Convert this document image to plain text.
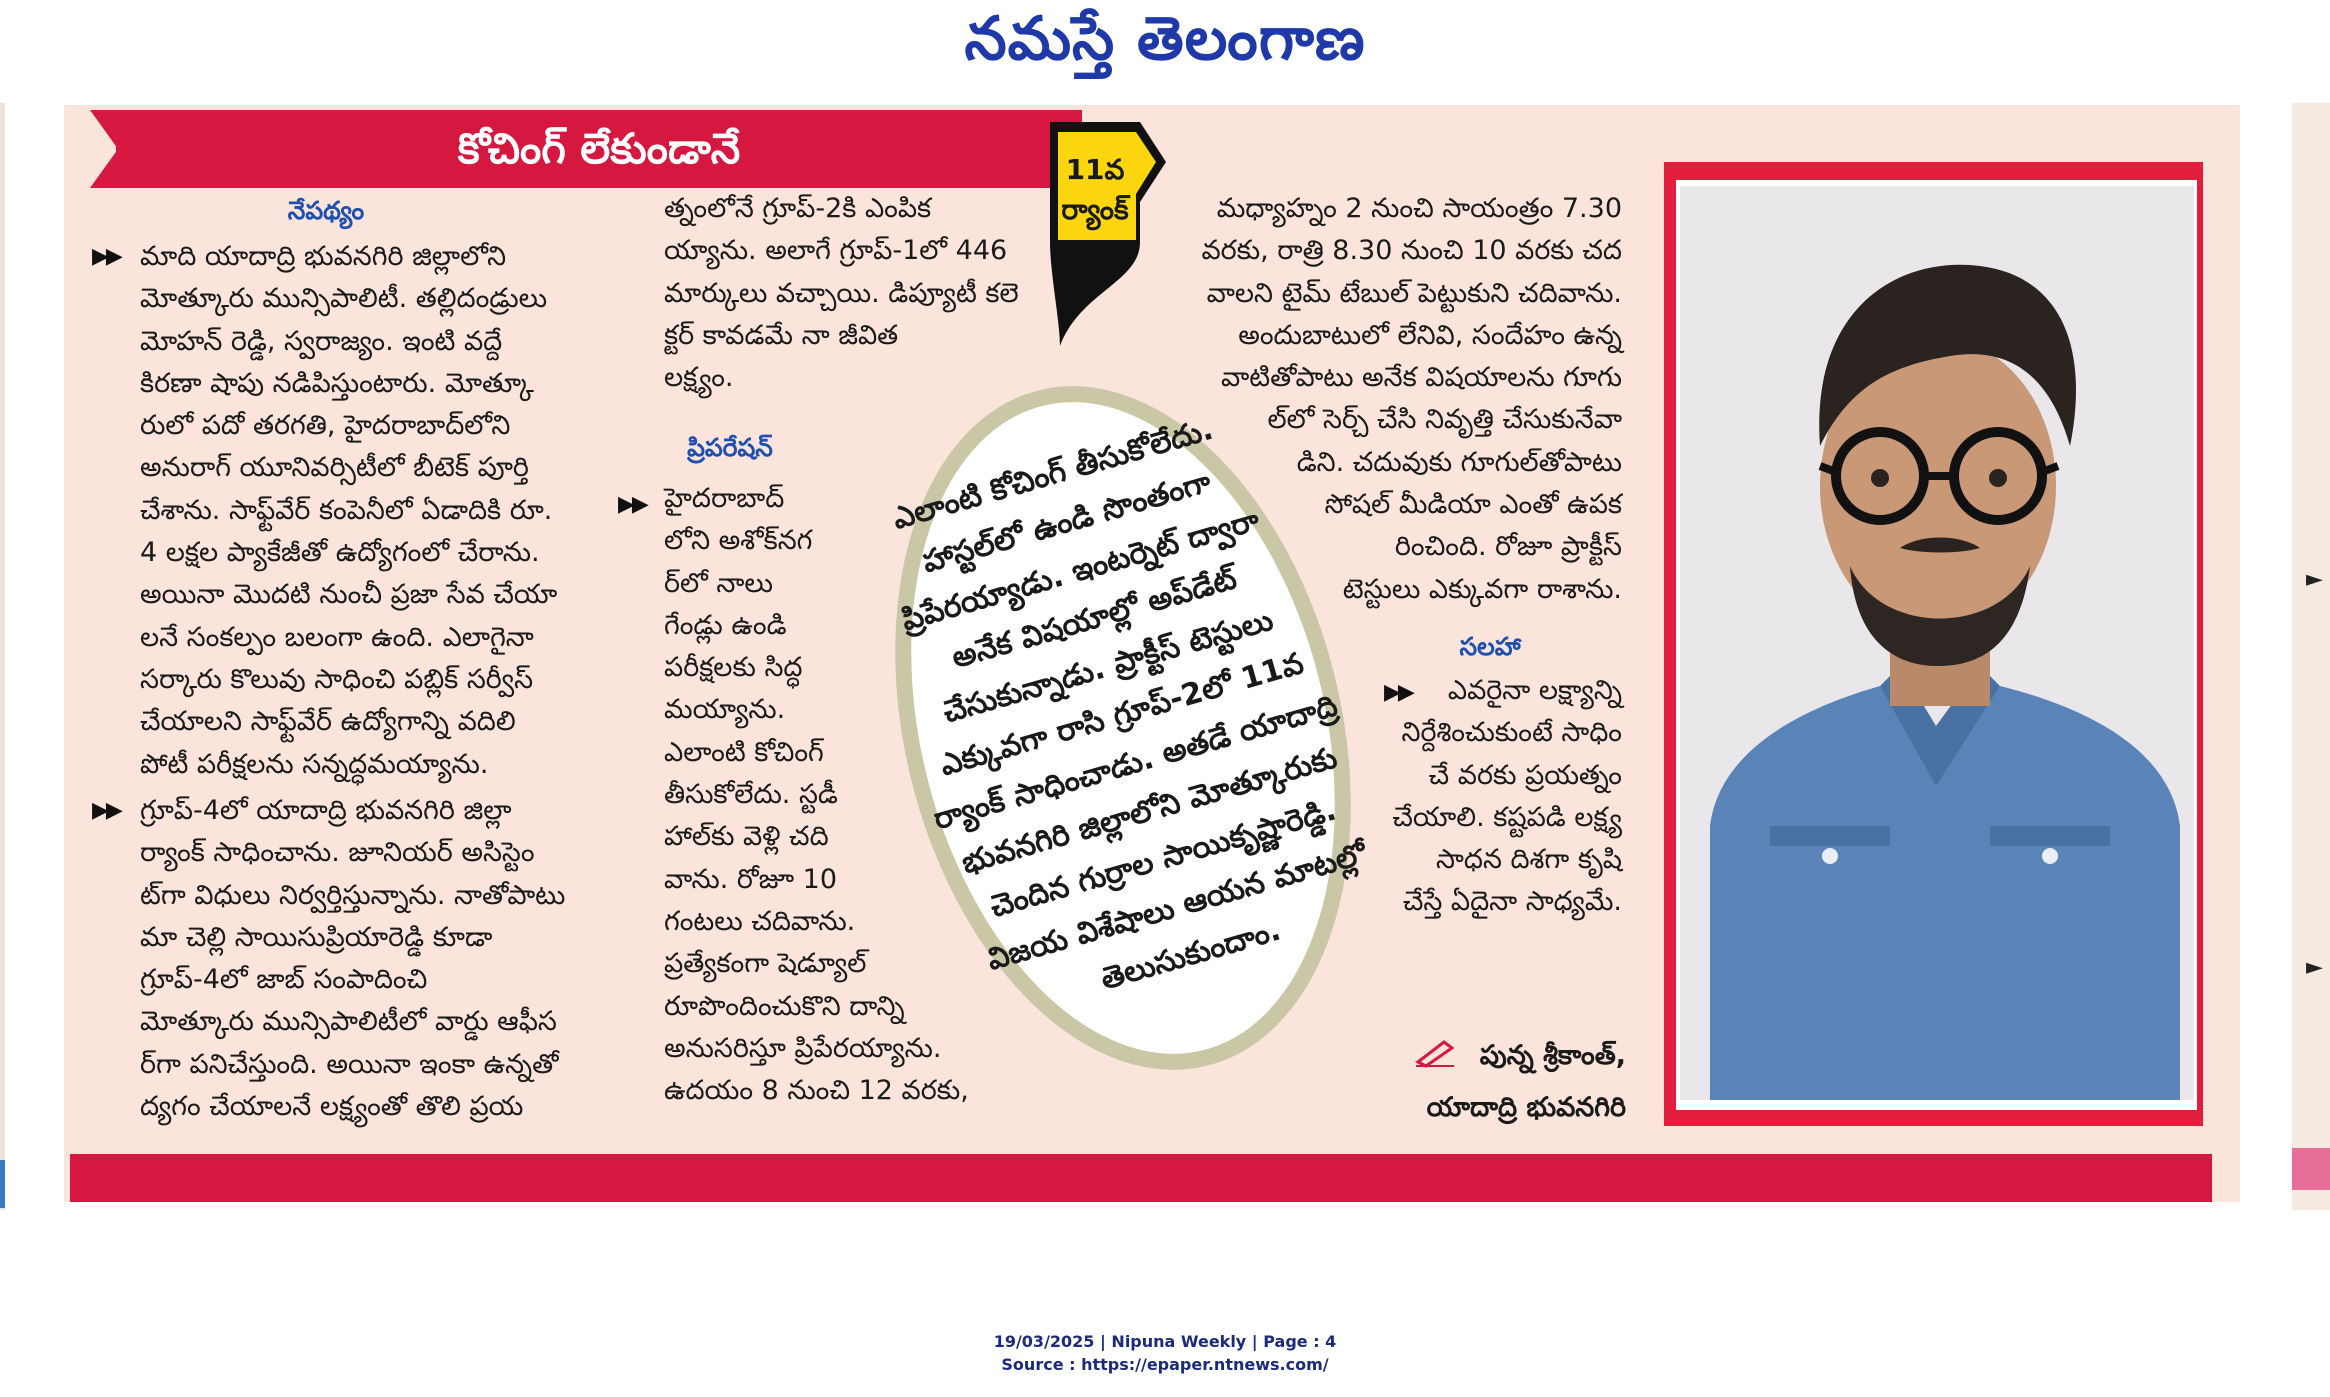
నమస్తే తెలంగాణ
►
►
కోచింగ్ లేకుండానే	11వ
ర్యాంక్
నేపథ్యం
▶▶ మాది యాదాద్రి భువనగిరి జిల్లాలోని
మోత్కూరు మున్సిపాలిటీ. తల్లిదండ్రులు
మోహన్ రెడ్డి, స్వరాజ్యం. ఇంటి వద్దే
కిరణా షాపు నడిపిస్తుంటారు. మోత్కూ
రులో పదో తరగతి, హైదరాబాద్‌లోని
అనురాగ్ యూనివర్సిటీలో బీటెక్ పూర్తి
చేశాను. సాఫ్ట్‌వేర్ కంపెనీలో ఏడాదికి రూ.
4 లక్షల ప్యాకేజీతో ఉద్యోగంలో చేరాను.
అయినా మొదటి నుంచీ ప్రజా సేవ చేయా
లనే సంకల్పం బలంగా ఉంది. ఎలాగైనా
సర్కారు కొలువు సాధించి పబ్లిక్ సర్వీస్
చేయాలని సాఫ్ట్‌వేర్ ఉద్యోగాన్ని వదిలి
పోటీ పరీక్షలను సన్నద్ధమయ్యాను.
▶▶ గ్రూప్-4లో యాదాద్రి భువనగిరి జిల్లా
ర్యాంక్ సాధించాను. జూనియర్ అసిస్టెం
ట్‌గా విధులు నిర్వర్తిస్తున్నాను. నాతోపాటు
మా చెల్లి సాయిసుప్రియారెడ్డి కూడా
గ్రూప్-4లో జాబ్ సంపాదించి
మోత్కూరు మున్సిపాలిటీలో వార్డు ఆఫీస
ర్‌గా పనిచేస్తుంది. అయినా ఇంకా ఉన్నతో
ద్యగం చేయాలనే లక్ష్యంతో తొలి ప్రయ
త్నంలోనే గ్రూప్-2కి ఎంపిక
య్యాను. అలాగే గ్రూప్-1లో 446
మార్కులు వచ్చాయి. డిప్యూటీ కలె
క్టర్ కావడమే నా జీవిత
లక్ష్యం.
ప్రిపరేషన్
▶▶ హైదరాబాద్
లోని అశోక్‌నగ
ర్‌లో నాలు
గేండ్లు ఉండి
పరీక్షలకు సిద్ధ
మయ్యాను.
ఎలాంటి కోచింగ్
తీసుకోలేదు. స్టడీ
హాల్‌కు వెళ్లి చది
వాను. రోజూ 10
గంటలు చదివాను.
ప్రత్యేకంగా షెడ్యూల్
రూపొందించుకొని దాన్ని
అనుసరిస్తూ ప్రిపేరయ్యాను.
ఉదయం 8 నుంచి 12 వరకు,
ఎలాంటి కోచింగ్ తీసుకోలేదు. హాస్టల్‌లో ఉండి సొంతంగా ప్రిపేరయ్యాడు. ఇంటర్నెట్ ద్వారా అనేక విషయాల్లో అప్‌డేట్ చేసుకున్నాడు. ప్రాక్టీస్ టెస్టులు ఎక్కువగా రాసి గ్రూప్-2లో 11వ ర్యాంక్ సాధించాడు. అతడే యాదాద్రి భువనగిరి జిల్లాలోని మోత్కూరుకు చెందిన గుర్రాల సాయికృష్ణారెడ్డి. విజయ విశేషాలు ఆయన మాటల్లో తెలుసుకుందాం.
మధ్యాహ్నం 2 నుంచి సాయంత్రం 7.30
వరకు, రాత్రి 8.30 నుంచి 10 వరకు చద
వాలని టైమ్ టేబుల్ పెట్టుకుని చదివాను.
అందుబాటులో లేనివి, సందేహం ఉన్న
వాటితోపాటు అనేక విషయాలను గూగు
ల్‌లో సెర్చ్ చేసి నివృత్తి చేసుకునేవా
డిని. చదువుకు గూగుల్‌తోపాటు
సోషల్ మీడియా ఎంతో ఉపక
రించింది. రోజూ ప్రాక్టీస్
టెస్టులు ఎక్కువగా రాశాను.
సలహా
▶▶	ఎవరైనా లక్ష్యాన్ని
నిర్దేశించుకుంటే సాధిం
చే వరకు ప్రయత్నం
చేయాలి. కష్టపడి లక్ష్య
సాధన దిశగా కృషి
చేస్తే ఏదైనా సాధ్యమే.
పున్న శ్రీకాంత్,
యాదాద్రి భువనగిరి
19/03/2025 | Nipuna Weekly | Page : 4
Source : https://epaper.ntnews.com/
